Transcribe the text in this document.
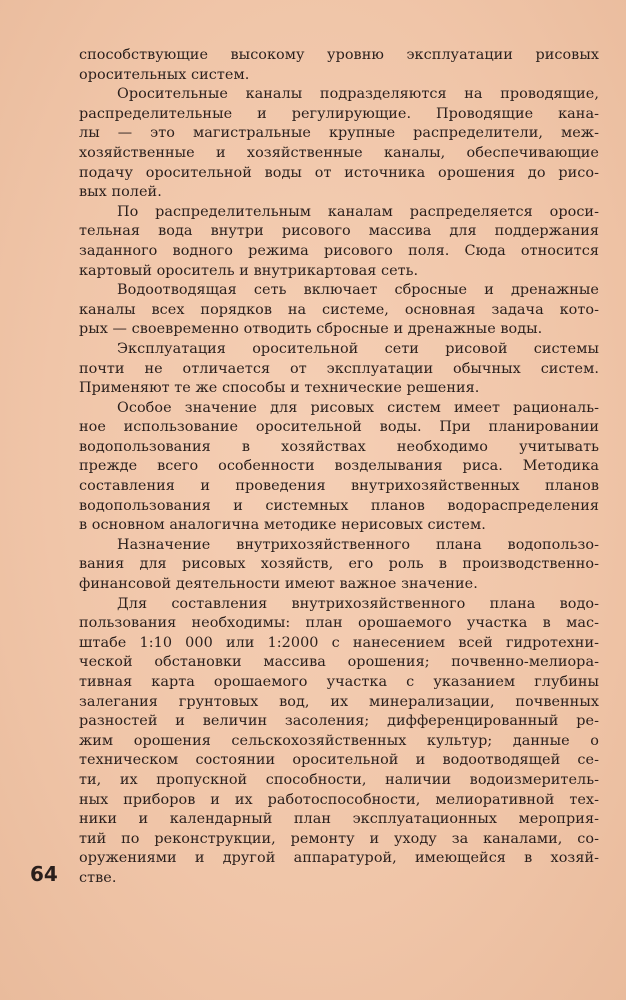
способствующие высокому уровню эксплуатации рисовых
оросительных систем.
Оросительные каналы подразделяются на проводящие,
распределительные и регулирующие. Проводящие кана-
лы — это магистральные крупные распределители, меж-
хозяйственные и хозяйственные каналы, обеспечивающие
подачу оросительной воды от источника орошения до рисо-
вых полей.
По распределительным каналам распределяется ороси-
тельная вода внутри рисового массива для поддержания
заданного водного режима рисового поля. Сюда относится
картовый ороситель и внутрикартовая сеть.
Водоотводящая сеть включает сбросные и дренажные
каналы всех порядков на системе, основная задача кото-
рых — своевременно отводить сбросные и дренажные воды.
Эксплуатация оросительной сети рисовой системы
почти не отличается от эксплуатации обычных систем.
Применяют те же способы и технические решения.
Особое значение для рисовых систем имеет рациональ-
ное использование оросительной воды. При планировании
водопользования в хозяйствах необходимо учитывать
прежде всего особенности возделывания риса. Методика
составления и проведения внутрихозяйственных планов
водопользования и системных планов водораспределения
в основном аналогична методике нерисовых систем.
Назначение внутрихозяйственного плана водопользо-
вания для рисовых хозяйств, его роль в производственно-
финансовой деятельности имеют важное значение.
Для составления внутрихозяйственного плана водо-
пользования необходимы: план орошаемого участка в мас-
штабе 1:10 000 или 1:2000 с нанесением всей гидротехни-
ческой обстановки массива орошения; почвенно-мелиора-
тивная карта орошаемого участка с указанием глубины
залегания грунтовых вод, их минерализации, почвенных
разностей и величин засоления; дифференцированный ре-
жим орошения сельскохозяйственных культур; данные о
техническом состоянии оросительной и водоотводящей се-
ти, их пропускной способности, наличии водоизмеритель-
ных приборов и их работоспособности, мелиоративной тех-
ники и календарный план эксплуатационных мероприя-
тий по реконструкции, ремонту и уходу за каналами, со-
оружениями и другой аппаратурой, имеющейся в хозяй-
стве.
64
